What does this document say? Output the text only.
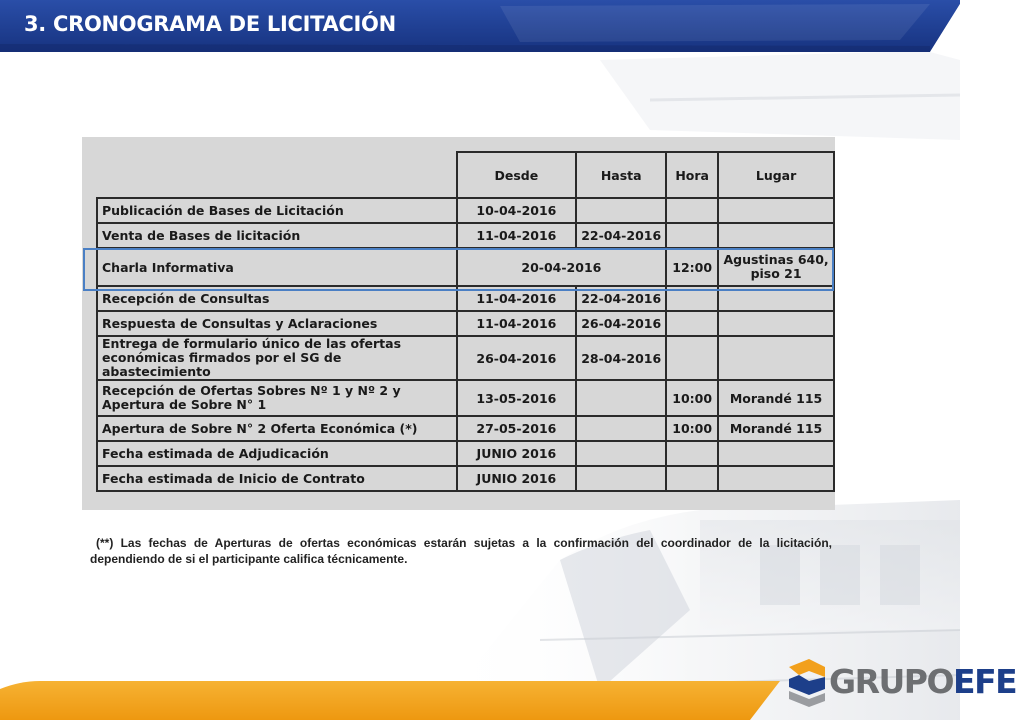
3. CRONOGRAMA DE LICITACIÓN
	Desde	Hasta	Hora	Lugar
Publicación de Bases de Licitación	10-04-2016			
Venta de Bases de licitación	11-04-2016	22-04-2016		
Charla Informativa	20-04-2016		12:00	Agustinas 640, piso 21
Recepción de Consultas	11-04-2016	22-04-2016		
Respuesta de Consultas y Aclaraciones	11-04-2016	26-04-2016		
Entrega de formulario único de las ofertas económicas firmados por el SG de abastecimiento	26-04-2016	28-04-2016		
Recepción de Ofertas Sobres Nº 1 y Nº 2 y Apertura de Sobre N° 1	13-05-2016		10:00	Morandé 115
Apertura de Sobre N° 2 Oferta Económica (*)	27-05-2016		10:00	Morandé 115
Fecha estimada de Adjudicación	JUNIO 2016			
Fecha estimada de Inicio de Contrato	JUNIO 2016			
(**) Las fechas de Aperturas de ofertas económicas estarán sujetas a la confirmación del coordinador de la licitación, dependiendo de si el participante califica técnicamente.
GRUPOEFE
